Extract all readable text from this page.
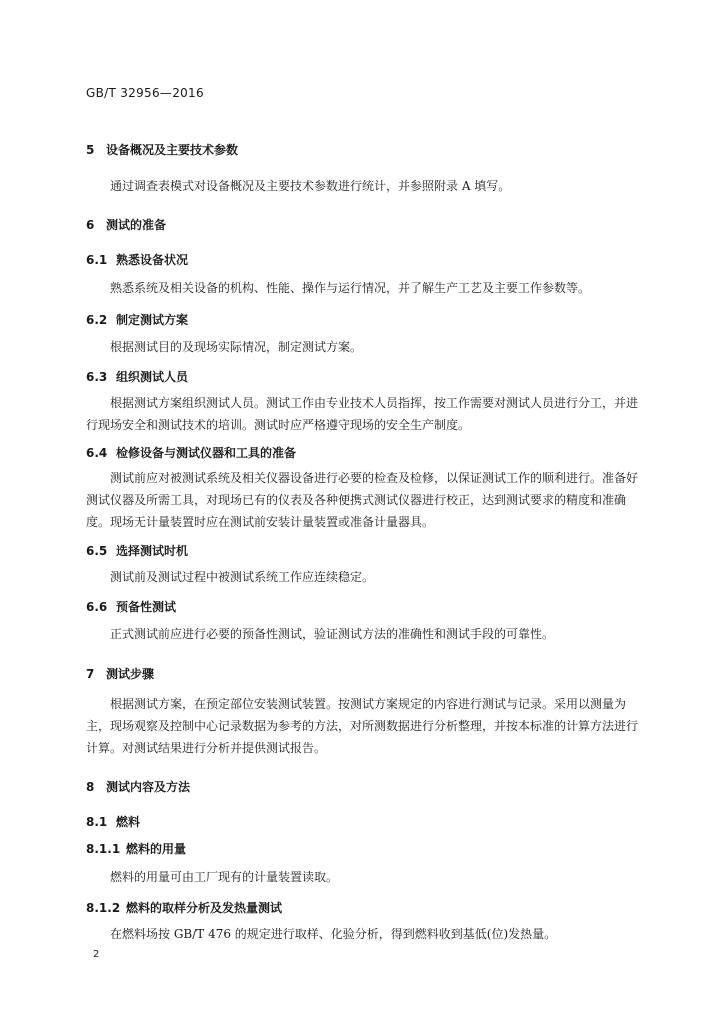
GB/T 32956—2016
5 设备概况及主要技术参数
通过调查表模式对设备概况及主要技术参数进行统计，并参照附录 A 填写。
6 测试的准备
6.1 熟悉设备状况
熟悉系统及相关设备的机构、性能、操作与运行情况，并了解生产工艺及主要工作参数等。
6.2 制定测试方案
根据测试目的及现场实际情况，制定测试方案。
6.3 组织测试人员
根据测试方案组织测试人员。测试工作由专业技术人员指挥，按工作需要对测试人员进行分工，并进行现场安全和测试技术的培训。测试时应严格遵守现场的安全生产制度。
6.4 检修设备与测试仪器和工具的准备
测试前应对被测试系统及相关仪器设备进行必要的检查及检修，以保证测试工作的顺利进行。准备好测试仪器及所需工具，对现场已有的仪表及各种便携式测试仪器进行校正，达到测试要求的精度和准确度。现场无计量装置时应在测试前安装计量装置或准备计量器具。
6.5 选择测试时机
测试前及测试过程中被测试系统工作应连续稳定。
6.6 预备性测试
正式测试前应进行必要的预备性测试，验证测试方法的准确性和测试手段的可靠性。
7 测试步骤
根据测试方案，在预定部位安装测试装置。按测试方案规定的内容进行测试与记录。采用以测量为主，现场观察及控制中心记录数据为参考的方法，对所测数据进行分析整理，并按本标准的计算方法进行计算。对测试结果进行分析并提供测试报告。
8 测试内容及方法
8.1 燃料
8.1.1 燃料的用量
燃料的用量可由工厂现有的计量装置读取。
8.1.2 燃料的取样分析及发热量测试
在燃料场按 GB/T 476 的规定进行取样、化验分析，得到燃料收到基低(位)发热量。
2
